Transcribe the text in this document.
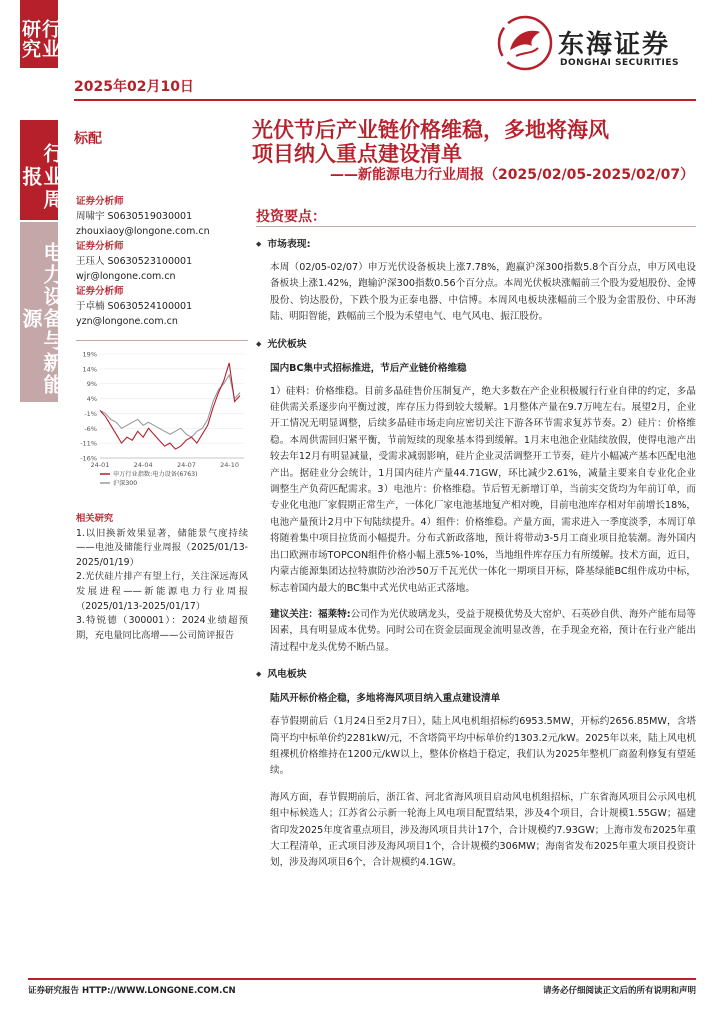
行业研究
行业周报
电力设备与新能源
2025年02月10日
东海证券
DONGHAI SECURITIES
标配	光伏节后产业链价格维稳，多地将海风
项目纳入重点建设清单
——新能源电力行业周报（2025/02/05-2025/02/07）
证券分析师
周啸宇 S0630519030001
zhouxiaoy@longone.com.cn
证券分析师
王珏人 S0630523100001
wjr@longone.com.cn
证券分析师
于卓楠 S0630524100001
yzn@longone.com.cn
19%
14%
9%
4%
-1%
-6%
-11%
-16%
24-01	24-04	24-07	24-10
申万行业指数:电力设备(6763)
沪深300
相关研究
1.以旧换新效果显著，储能景气度持续——电池及储能行业周报（2025/01/13-2025/01/19）
2.光伏硅片排产有望上行，关注深远海风发展进程——新能源电力行业周报（2025/01/13-2025/01/17）
3.特锐德（300001）：2024业绩超预期，充电量同比高增——公司简评报告
投资要点：
◆ 市场表现:
本周（02/05-02/07）申万光伏设备板块上涨7.78%，跑赢沪深300指数5.8个百分点，申万风电设备板块上涨1.42%，跑输沪深300指数0.56个百分点。本周光伏板块涨幅前三个股为爱旭股份、金博股份、钧达股份，下跌个股为正泰电器、中信博。本周风电板块涨幅前三个股为金雷股份、中环海陆、明阳智能，跌幅前三个股为禾望电气、电气风电、振江股份。
◆ 光伏板块
国内BC集中式招标推进，节后产业链价格维稳
1）硅料：价格维稳。目前多晶硅售价压制复产，绝大多数在产企业积极履行行业自律的约定，多晶硅供需关系逐步向平衡过渡，库存压力得到较大缓解。1月整体产量在9.7万吨左右。展望2月，企业开工情况无明显调整，后续多晶硅市场走向应密切关注下游各环节需求复苏节奏。2）硅片：价格维稳。本周供需回归紧平衡，节前短续的现象基本得到缓解。1月末电池企业陆续放假，使得电池产出较去年12月有明显减量，受需求减弱影响，硅片企业灵活调整开工节奏，硅片小幅减产基本匹配电池产出。据硅业分会统计，1月国内硅片产量44.71GW，环比减少2.61%，减量主要来自专业化企业调整生产负荷匹配需求。3）电池片：价格维稳。节后暂无新增订单，当前实交货均为年前订单，而专业化电池厂家假期正常生产，一体化厂家电池基地复产相对晚，目前电池库存相对年前增长18%，电池产量预计2月中下旬陆续提升。4）组件：价格维稳。产量方面，需求进入一季度淡季，本周订单将随着集中项目拉货而小幅提升。分布式新政落地，预计将带动3-5月工商业项目抢装潮。海外国内出口欧洲市场TOPCON组件价格小幅上涨5%-10%，当地组件库存压力有所缓解。技术方面，近日，内蒙古能源集团达拉特旗防沙治沙50万千瓦光伏一体化一期项目开标，降基绿能BC组件成功中标，标志着国内最大的BC集中式光伏电站正式落地。
建议关注：福莱特:公司作为光伏玻璃龙头，受益于规模优势及大窑炉、石英砂自供、海外产能布局等因素，具有明显成本优势。同时公司在资金层面现金流明显改善，在手现金充裕，预计在行业产能出清过程中龙头优势不断凸显。
◆ 风电板块
陆风开标价格企稳，多地将海风项目纳入重点建设清单
春节假期前后（1月24日至2月7日），陆上风电机组招标约6953.5MW，开标约2656.85MW，含塔筒平均中标单价约2281kW/元，不含塔筒平均中标单价约1303.2元/kW。2025年以来，陆上风电机组裸机价格维持在1200元/kW以上，整体价格趋于稳定，我们认为2025年整机厂商盈利修复有望延续。
海风方面，春节假期前后，浙江省、河北省海风项目启动风电机组招标，广东省海风项目公示风电机组中标候选人；江苏省公示新一轮海上风电项目配置结果，涉及4个项目，合计规模1.55GW；福建省印发2025年度省重点项目，涉及海风项目共计17个，合计规模约7.93GW；上海市发布2025年重大工程清单，正式项目涉及海风项目1个，合计规模约306MW；海南省发布2025年重大项目投资计划，涉及海风项目6个，合计规模约4.1GW。
证券研究报告 HTTP://WWW.LONGONE.COM.CN	请务必仔细阅读正文后的所有说明和声明
